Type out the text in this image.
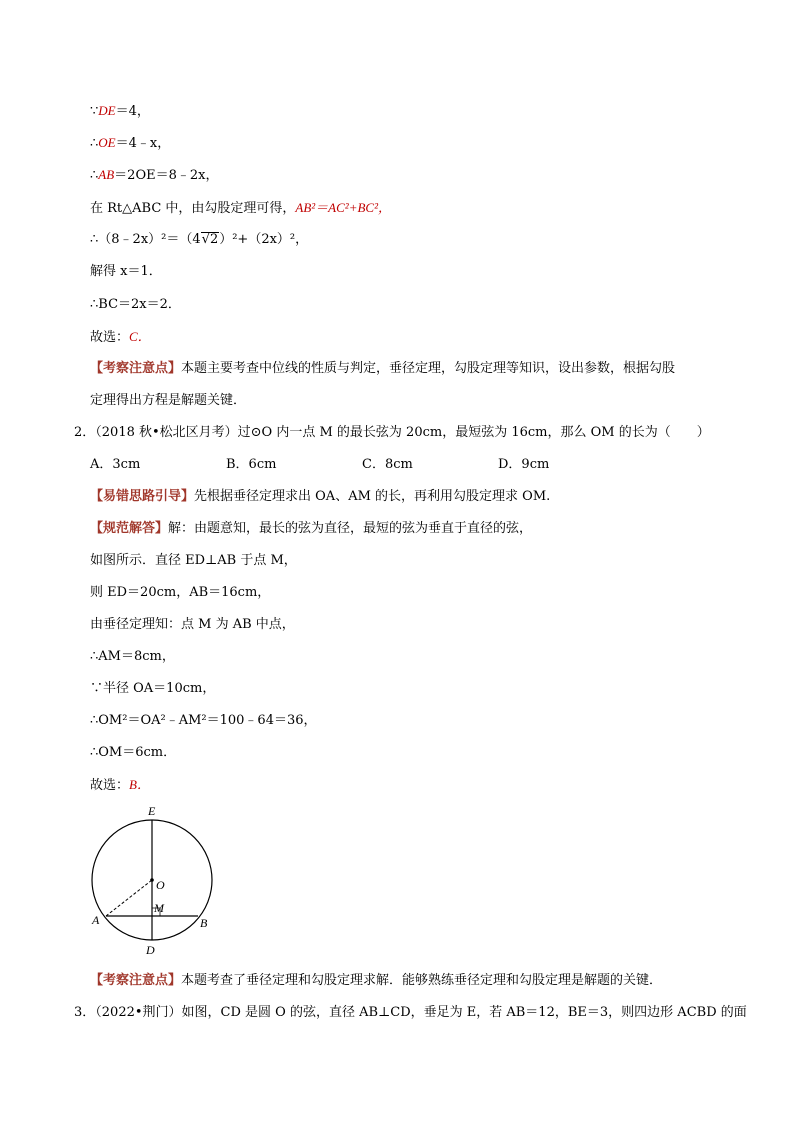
∵DE＝4，
∴OE＝4﹣x，
∴AB＝2OE＝8﹣2x，
在 Rt△ABC 中，由勾股定理可得，AB²＝AC²+BC²，
∴（8﹣2x）²＝（4√2）²+（2x）²，
解得 x＝1．
∴BC＝2x＝2．
故选：C．
【考察注意点】本题主要考查中位线的性质与判定，垂径定理，勾股定理等知识，设出参数，根据勾股
定理得出方程是解题关键．
2．（2018 秋•松北区月考）过⊙O 内一点 M 的最长弦为 20cm，最短弦为 16cm，那么 OM 的长为（　　）
A．3cm	B．6cm	C．8cm	D．9cm
【易错思路引导】先根据垂径定理求出 OA、AM 的长，再利用勾股定理求 OM.
【规范解答】解：由题意知，最长的弦为直径，最短的弦为垂直于直径的弦，
如图所示．直径 ED⊥AB 于点 M，
则 ED＝20cm，AB＝16cm，
由垂径定理知：点 M 为 AB 中点，
∴AM＝8cm，
∵半径 OA＝10cm，
∴OM²＝OA²﹣AM²＝100﹣64＝36，
∴OM＝6cm．
故选：B．
E
O
M
A	B
D
【考察注意点】本题考查了垂径定理和勾股定理求解．能够熟练垂径定理和勾股定理是解题的关键．
3．（2022•荆门）如图，CD 是圆 O 的弦，直径 AB⊥CD，垂足为 E，若 AB＝12，BE＝3，则四边形 ACBD 的面
